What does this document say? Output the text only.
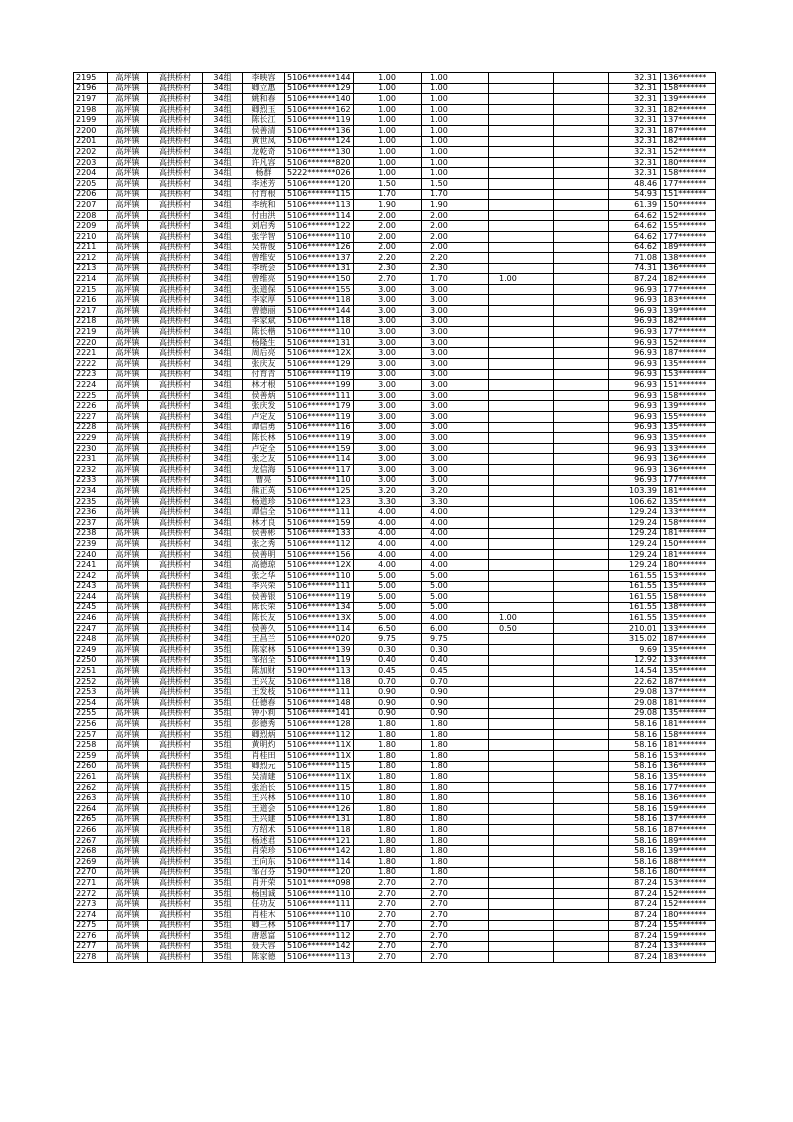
2195	高坪镇	高拱桥村	34组	李映容	5106*******144	1.00	1.00			32.31	136*******
2196	高坪镇	高拱桥村	34组	卿立惠	5106*******129	1.00	1.00			32.31	158*******
2197	高坪镇	高拱桥村	34组	姚和春	5106*******140	1.00	1.00			32.31	139*******
2198	高坪镇	高拱桥村	34组	卿烈玉	5106*******162	1.00	1.00			32.31	182*******
2199	高坪镇	高拱桥村	34组	陈长江	5106*******119	1.00	1.00			32.31	137*******
2200	高坪镇	高拱桥村	34组	侯善清	5106*******136	1.00	1.00			32.31	187*******
2201	高坪镇	高拱桥村	34组	黄世凤	5106*******124	1.00	1.00			32.31	182*******
2202	高坪镇	高拱桥村	34组	龙乾奇	5106*******130	1.00	1.00			32.31	152*******
2203	高坪镇	高拱桥村	34组	许凡容	5106*******820	1.00	1.00			32.31	180*******
2204	高坪镇	高拱桥村	34组	杨群	5222*******026	1.00	1.00			32.31	158*******
2205	高坪镇	高拱桥村	34组	李述芳	5106*******120	1.50	1.50			48.46	177*******
2206	高坪镇	高拱桥村	34组	付育根	5106*******115	1.70	1.70			54.93	151*******
2207	高坪镇	高拱桥村	34组	李统和	5106*******113	1.90	1.90			61.39	150*******
2208	高坪镇	高拱桥村	34组	付由洪	5106*******114	2.00	2.00			64.62	152*******
2209	高坪镇	高拱桥村	34组	刘启秀	5106*******122	2.00	2.00			64.62	155*******
2210	高坪镇	高拱桥村	34组	张学智	5106*******110	2.00	2.00			64.62	177*******
2211	高坪镇	高拱桥村	34组	吴帮俊	5106*******126	2.00	2.00			64.62	189*******
2212	高坪镇	高拱桥村	34组	曾维安	5106*******137	2.20	2.20			71.08	138*******
2213	高坪镇	高拱桥村	34组	李统会	5106*******131	2.30	2.30			74.31	136*******
2214	高坪镇	高拱桥村	34组	曾维亮	5190*******150	2.70	1.70	1.00		87.24	182*******
2215	高坪镇	高拱桥村	34组	张道保	5106*******155	3.00	3.00			96.93	177*******
2216	高坪镇	高拱桥村	34组	李家厚	5106*******118	3.00	3.00			96.93	183*******
2217	高坪镇	高拱桥村	34组	曾德丽	5106*******144	3.00	3.00			96.93	139*******
2218	高坪镇	高拱桥村	34组	李家斌	5106*******118	3.00	3.00			96.93	182*******
2219	高坪镇	高拱桥村	34组	陈长楷	5106*******110	3.00	3.00			96.93	177*******
2220	高坪镇	高拱桥村	34组	杨隆生	5106*******131	3.00	3.00			96.93	152*******
2221	高坪镇	高拱桥村	34组	周后亮	5106*******12X	3.00	3.00			96.93	187*******
2222	高坪镇	高拱桥村	34组	张庆友	5106*******129	3.00	3.00			96.93	135*******
2223	高坪镇	高拱桥村	34组	付育青	5106*******119	3.00	3.00			96.93	153*******
2224	高坪镇	高拱桥村	34组	林才根	5106*******199	3.00	3.00			96.93	151*******
2225	高坪镇	高拱桥村	34组	侯善炳	5106*******111	3.00	3.00			96.93	158*******
2226	高坪镇	高拱桥村	34组	张庆发	5106*******179	3.00	3.00			96.93	139*******
2227	高坪镇	高拱桥村	34组	卢定友	5106*******119	3.00	3.00			96.93	155*******
2228	高坪镇	高拱桥村	34组	谭信勇	5106*******116	3.00	3.00			96.93	135*******
2229	高坪镇	高拱桥村	34组	陈长林	5106*******119	3.00	3.00			96.93	135*******
2230	高坪镇	高拱桥村	34组	卢定全	5106*******159	3.00	3.00			96.93	133*******
2231	高坪镇	高拱桥村	34组	张之友	5106*******114	3.00	3.00			96.93	136*******
2232	高坪镇	高拱桥村	34组	龙信海	5106*******117	3.00	3.00			96.93	136*******
2233	高坪镇	高拱桥村	34组	曹亮	5106*******110	3.00	3.00			96.93	177*******
2234	高坪镇	高拱桥村	34组	熊正英	5106*******125	3.20	3.20			103.39	181*******
2235	高坪镇	高拱桥村	34组	杨道珍	5106*******123	3.30	3.30			106.62	135*******
2236	高坪镇	高拱桥村	34组	谭信全	5106*******111	4.00	4.00			129.24	133*******
2237	高坪镇	高拱桥村	34组	林才良	5106*******159	4.00	4.00			129.24	158*******
2238	高坪镇	高拱桥村	34组	侯善彬	5106*******133	4.00	4.00			129.24	181*******
2239	高坪镇	高拱桥村	34组	张之秀	5106*******112	4.00	4.00			129.24	150*******
2240	高坪镇	高拱桥村	34组	侯善明	5106*******156	4.00	4.00			129.24	181*******
2241	高坪镇	高拱桥村	34组	高德琼	5106*******12X	4.00	4.00			129.24	180*******
2242	高坪镇	高拱桥村	34组	张之华	5106*******110	5.00	5.00			161.55	153*******
2243	高坪镇	高拱桥村	34组	李兴荣	5106*******111	5.00	5.00			161.55	135*******
2244	高坪镇	高拱桥村	34组	侯善银	5106*******119	5.00	5.00			161.55	158*******
2245	高坪镇	高拱桥村	34组	陈长荣	5106*******134	5.00	5.00			161.55	138*******
2246	高坪镇	高拱桥村	34组	陈长友	5106*******13X	5.00	4.00	1.00		161.55	135*******
2247	高坪镇	高拱桥村	34组	侯善久	5106*******114	6.50	6.00	0.50		210.01	133*******
2248	高坪镇	高拱桥村	34组	王昌兰	5106*******020	9.75	9.75			315.02	187*******
2249	高坪镇	高拱桥村	35组	陈家林	5106*******139	0.30	0.30			9.69	135*******
2250	高坪镇	高拱桥村	35组	邹招全	5106*******119	0.40	0.40			12.92	133*******
2251	高坪镇	高拱桥村	35组	陈加财	5190*******113	0.45	0.45			14.54	135*******
2252	高坪镇	高拱桥村	35组	王兴友	5106*******118	0.70	0.70			22.62	187*******
2253	高坪镇	高拱桥村	35组	王发枝	5106*******111	0.90	0.90			29.08	137*******
2254	高坪镇	高拱桥村	35组	任德春	5106*******148	0.90	0.90			29.08	181*******
2255	高坪镇	高拱桥村	35组	钟小莉	5106*******141	0.90	0.90			29.08	135*******
2256	高坪镇	高拱桥村	35组	彭德秀	5106*******128	1.80	1.80			58.16	181*******
2257	高坪镇	高拱桥村	35组	卿烈炳	5106*******112	1.80	1.80			58.16	158*******
2258	高坪镇	高拱桥村	35组	黄明灼	5106*******11X	1.80	1.80			58.16	181*******
2259	高坪镇	高拱桥村	35组	肖桂田	5106*******11X	1.80	1.80			58.16	153*******
2260	高坪镇	高拱桥村	35组	卿烈元	5106*******115	1.80	1.80			58.16	136*******
2261	高坪镇	高拱桥村	35组	吴清建	5106*******11X	1.80	1.80			58.16	135*******
2262	高坪镇	高拱桥村	35组	张治长	5106*******115	1.80	1.80			58.16	177*******
2263	高坪镇	高拱桥村	35组	王兴林	5106*******110	1.80	1.80			58.16	136*******
2264	高坪镇	高拱桥村	35组	王道会	5106*******126	1.80	1.80			58.16	159*******
2265	高坪镇	高拱桥村	35组	王兴建	5106*******131	1.80	1.80			58.16	137*******
2266	高坪镇	高拱桥村	35组	方绍术	5106*******118	1.80	1.80			58.16	187*******
2267	高坪镇	高拱桥村	35组	杨述君	5106*******121	1.80	1.80			58.16	189*******
2268	高坪镇	高拱桥村	35组	肖荣珍	5106*******142	1.80	1.80			58.16	139*******
2269	高坪镇	高拱桥村	35组	王向东	5106*******114	1.80	1.80			58.16	188*******
2270	高坪镇	高拱桥村	35组	邹召芬	5190*******120	1.80	1.80			58.16	180*******
2271	高坪镇	高拱桥村	35组	肖开荣	5101*******098	2.70	2.70			87.24	153*******
2272	高坪镇	高拱桥村	35组	杨国诚	5106*******110	2.70	2.70			87.24	152*******
2273	高坪镇	高拱桥村	35组	任功友	5106*******111	2.70	2.70			87.24	152*******
2274	高坪镇	高拱桥村	35组	肖桂木	5106*******110	2.70	2.70			87.24	180*******
2275	高坪镇	高拱桥村	35组	卿三林	5106*******117	2.70	2.70			87.24	155*******
2276	高坪镇	高拱桥村	35组	唐恩富	5106*******112	2.70	2.70			87.24	159*******
2277	高坪镇	高拱桥村	35组	聂天容	5106*******142	2.70	2.70			87.24	133*******
2278	高坪镇	高拱桥村	35组	陈家德	5106*******113	2.70	2.70			87.24	183*******
